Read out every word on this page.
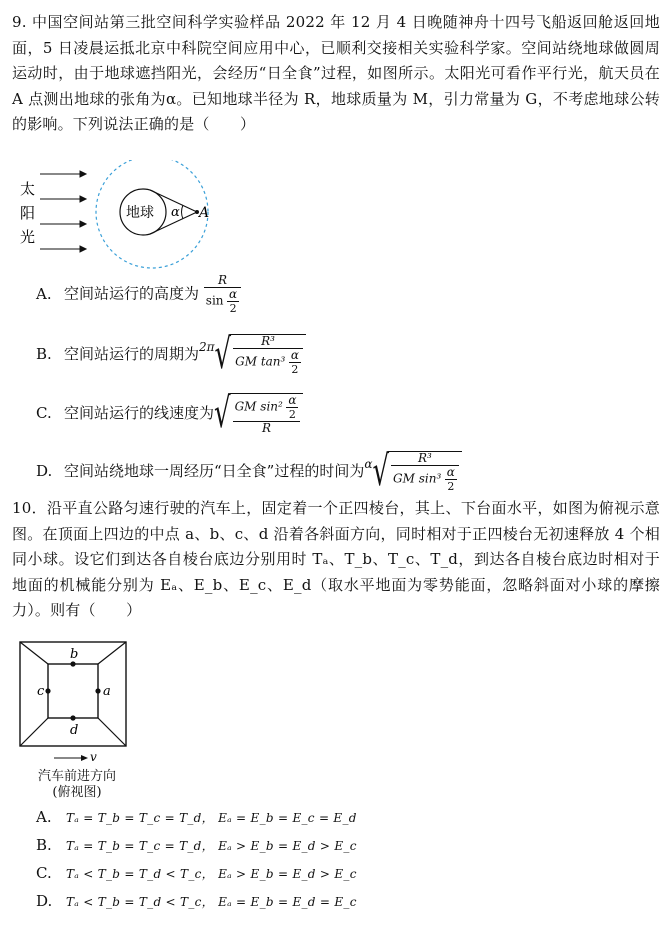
9. 中国空间站第三批空间科学实验样品 2022 年 12 月 4 日晚随神舟十四号飞船返回舱返回地面，5 日凌晨运抵北京中科院空间应用中心，已顺利交接相关实验科学家。空间站绕地球做圆周运动时，由于地球遮挡阳光，会经历“日全食”过程，如图所示。太阳光可看作平行光，航天员在 A 点测出地球的张角为α。已知地球半径为 R，地球质量为 M，引力常量为 G，不考虑地球公转的影响。下列说法正确的是（　　）
太
阳
光
地球 α A
A. 空间站运行的高度为 $\frac{R}{\sin \frac{\alpha}{2}}$
B. 空间站运行的周期为$^{2\pi}√ \frac{\text{R³}}{GM \tan^3 \frac{\alpha}{2}}$
C. 空间站运行的线速度为√ $\frac{GM \sin^2 \frac{\alpha}{2}}{R}$
D. 空间站绕地球一周经历“日全食”过程的时间为$^\alpha√ \frac{\text{R³}}{GM \sin^3 \frac{\alpha}{2}}$
10．沿平直公路匀速行驶的汽车上，固定着一个正四棱台，其上、下台面水平，如图为俯视示意图。在顶面上四边的中点 a、b、c、d 沿着各斜面方向，同时相对于正四棱台无初速释放 4 个相同小球。设它们到达各自棱台底边分别用时 Tₐ、T_b、T_c、T_d，到达各自棱台底边时相对于地面的机械能分别为 Eₐ、E_b、E_c、E_d（取水平地面为零势能面，忽略斜面对小球的摩擦力）。则有（　　）
b
d
c	a
v
汽车前进方向
(俯视图)
A. Tₐ = T_b = T_c = T_d， Eₐ = E_b = E_c = E_d
B. Tₐ = T_b = T_c = T_d， Eₐ > E_b = E_d > E_c
C. Tₐ < T_b = T_d < T_c， Eₐ > E_b = E_d > E_c
D. Tₐ < T_b = T_d < T_c， Eₐ = E_b = E_d = E_c
